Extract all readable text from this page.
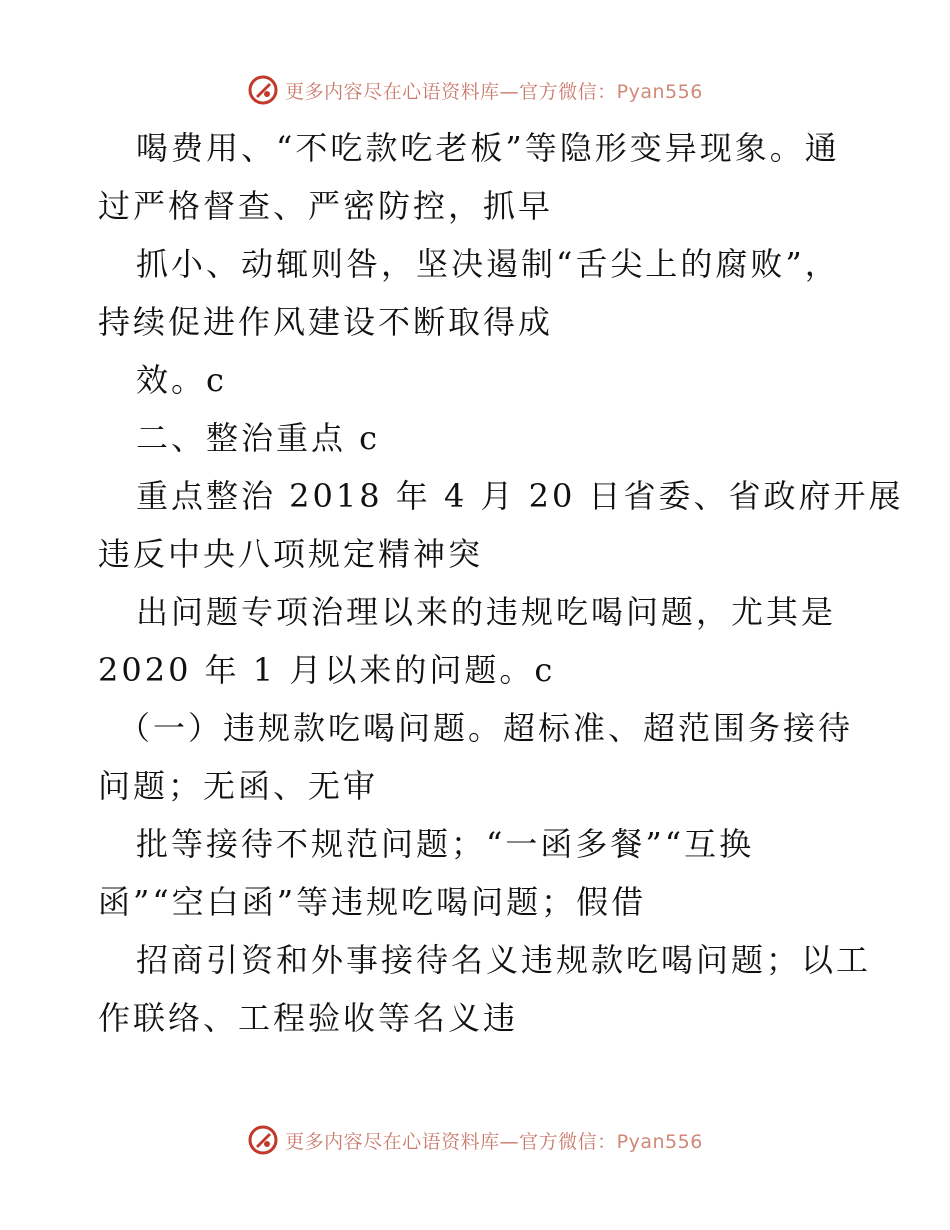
更多内容尽在心语资料库—官方微信：Pyan556
喝费用、“不吃款吃老板”等隐形变异现象。通
过严格督查、严密防控，抓早
抓小、动辄则咎，坚决遏制“舌尖上的腐败”，
持续促进作风建设不断取得成
效。c
二、整治重点 c
重点整治 2018 年 4 月 20 日省委、省政府开展
违反中央八项规定精神突
出问题专项治理以来的违规吃喝问题，尤其是
2020 年 1 月以来的问题。c
（一）违规款吃喝问题。超标准、超范围务接待
问题；无函、无审
批等接待不规范问题；“一函多餐”“互换
函”“空白函”等违规吃喝问题；假借
招商引资和外事接待名义违规款吃喝问题；以工
作联络、工程验收等名义违
更多内容尽在心语资料库—官方微信：Pyan556
